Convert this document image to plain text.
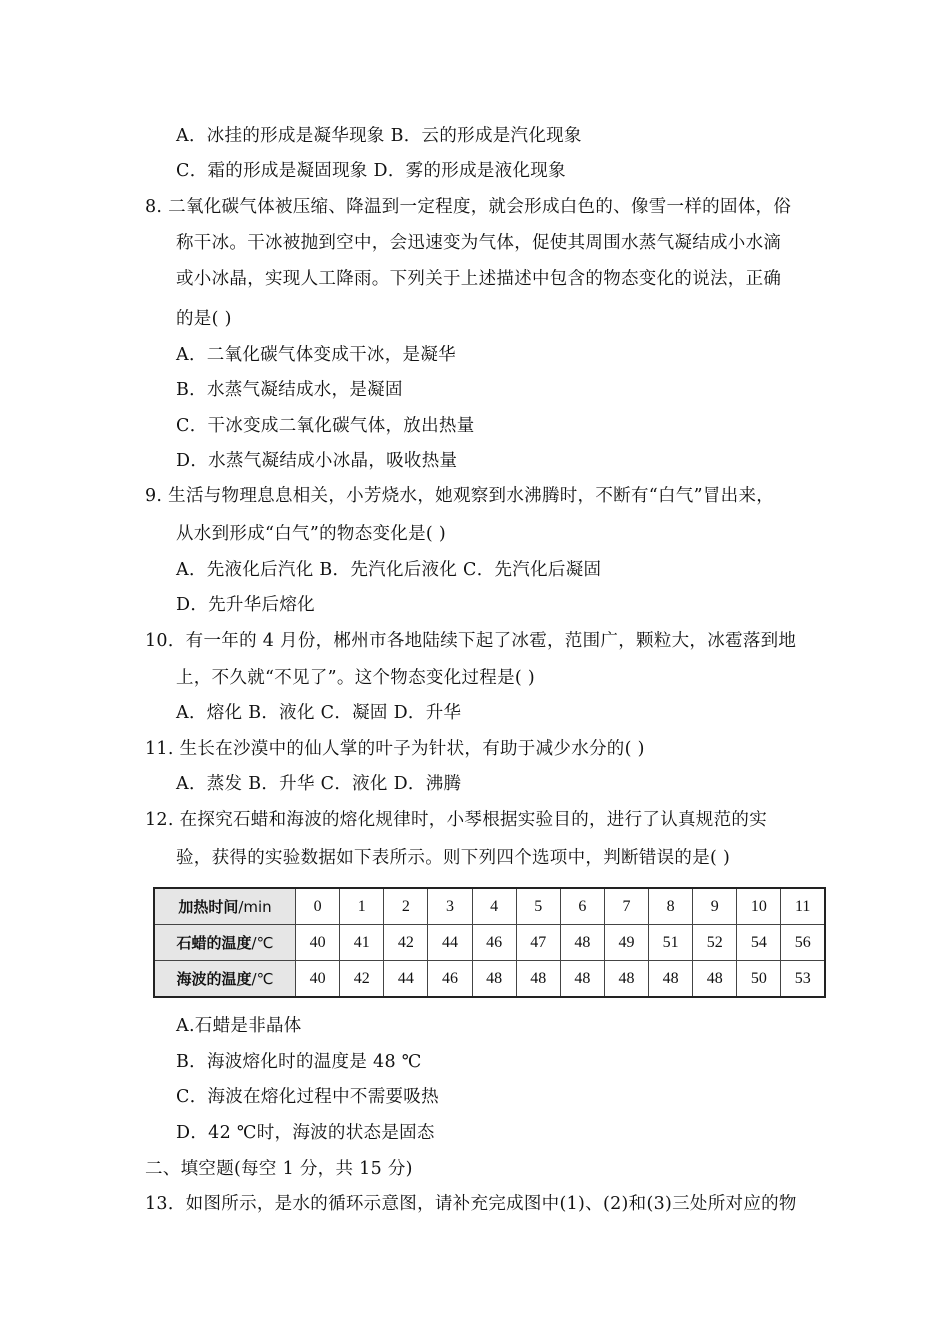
A．冰挂的形成是凝华现象 B．云的形成是汽化现象
C．霜的形成是凝固现象 D．雾的形成是液化现象
8. 二氧化碳气体被压缩、降温到一定程度，就会形成白色的、像雪一样的固体，俗
称干冰。干冰被抛到空中，会迅速变为气体，促使其周围水蒸气凝结成小水滴
或小冰晶，实现人工降雨。下列关于上述描述中包含的物态变化的说法，正确
的是( )
A．二氧化碳气体变成干冰，是凝华
B．水蒸气凝结成水，是凝固
C．干冰变成二氧化碳气体，放出热量
D．水蒸气凝结成小冰晶，吸收热量
9. 生活与物理息息相关，小芳烧水，她观察到水沸腾时，不断有“白气”冒出来，
从水到形成“白气”的物态变化是( )
A．先液化后汽化 B．先汽化后液化 C．先汽化后凝固
D．先升华后熔化
10．有一年的 4 月份，郴州市各地陆续下起了冰雹，范围广，颗粒大，冰雹落到地
上，不久就“不见了”。这个物态变化过程是( )
A．熔化 B．液化 C．凝固 D．升华
11. 生长在沙漠中的仙人掌的叶子为针状，有助于减少水分的( )
A．蒸发 B．升华 C．液化 D．沸腾
12. 在探究石蜡和海波的熔化规律时，小琴根据实验目的，进行了认真规范的实
验，获得的实验数据如下表所示。则下列四个选项中，判断错误的是( )
加热时间/min	0	1	2	3	4	5	6	7	8	9	10	11
石蜡的温度/℃	40	41	42	44	46	47	48	49	51	52	54	56
海波的温度/℃	40	42	44	46	48	48	48	48	48	48	50	53
A.石蜡是非晶体
B．海波熔化时的温度是 48 ℃
C．海波在熔化过程中不需要吸热
D．42 ℃时，海波的状态是固态
二、填空题(每空 1 分，共 15 分)
13．如图所示，是水的循环示意图，请补充完成图中(1)、(2)和(3)三处所对应的物
